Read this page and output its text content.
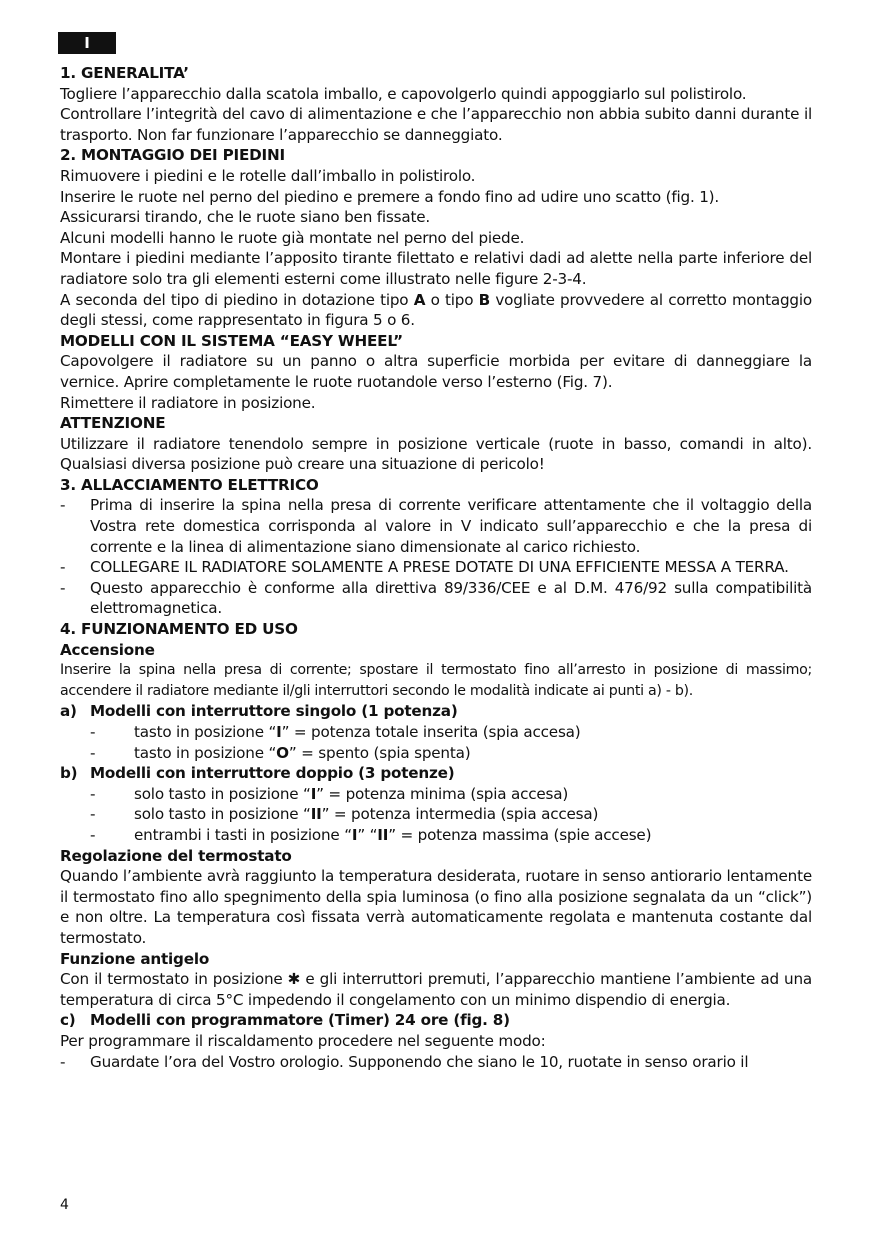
I

1. GENERALITA’

Togliere l’apparecchio dalla scatola imballo, e capovolgerlo quindi appoggiarlo sul polistirolo.

Controllare l’integrità del cavo di alimentazione e che l’apparecchio non abbia subito danni durante il trasporto. Non far funzionare l’apparecchio se danneggiato.

2. MONTAGGIO DEI PIEDINI

Rimuovere i piedini e le rotelle dall’imballo in polistirolo.

Inserire le ruote nel perno del piedino e premere a fondo fino ad udire uno scatto (fig. 1).

Assicurarsi tirando, che le ruote siano ben fissate.

Alcuni modelli hanno le ruote già montate nel perno del piede.

Montare i piedini mediante l’apposito tirante filettato e relativi dadi ad alette nella parte inferiore del radiatore solo tra gli elementi esterni come illustrato nelle figure 2-3-4.

A seconda del tipo di piedino in dotazione tipo A o tipo B vogliate provvedere al corretto montaggio degli stessi, come rappresentato in figura 5 o 6.

MODELLI CON IL SISTEMA “EASY WHEEL”

Capovolgere il radiatore su un panno o altra superficie morbida per evitare di danneggiare la vernice. Aprire completamente le ruote ruotandole verso l’esterno (Fig. 7).

Rimettere il radiatore in posizione.

ATTENZIONE

Utilizzare il radiatore tenendolo sempre in posizione verticale (ruote in basso, comandi in alto). Qualsiasi diversa posizione può creare una situazione di pericolo!

3. ALLACCIAMENTO ELETTRICO

-	Prima di inserire la spina nella presa di corrente verificare attentamente che il voltaggio della Vostra rete domestica corrisponda al valore in V indicato sull’apparecchio e che la presa di corrente e la linea di alimentazione siano dimensionate al carico richiesto.
-	COLLEGARE IL RADIATORE SOLAMENTE A PRESE DOTATE DI UNA EFFICIENTE MESSA A TERRA.
-	Questo apparecchio è conforme alla direttiva 89/336/CEE e al D.M. 476/92 sulla compatibilità elettromagnetica.

4. FUNZIONAMENTO ED USO

Accensione

Inserire la spina nella presa di corrente; spostare il termostato fino all’arresto in posizione di massimo; accendere il radiatore mediante il/gli interruttori secondo le modalità indicate ai punti a) - b).

a) Modelli con interruttore singolo (1 potenza)
-	tasto in posizione “I” = potenza totale inserita (spia accesa)
-	tasto in posizione “O” = spento (spia spenta)
b) Modelli con interruttore doppio (3 potenze)
-	solo tasto in posizione “I” = potenza minima (spia accesa)
-	solo tasto in posizione “II” = potenza intermedia (spia accesa)
-	entrambi i tasti in posizione “I” “II” = potenza massima (spie accese)

Regolazione del termostato

Quando l’ambiente avrà raggiunto la temperatura desiderata, ruotare in senso antiorario lentamente il termostato fino allo spegnimento della spia luminosa (o fino alla posizione segnalata da un “click”) e non oltre. La temperatura così fissata verrà automaticamente regolata e mantenuta costante dal termostato.

Funzione antigelo

Con il termostato in posizione ✱ e gli interruttori premuti, l’apparecchio mantiene l’ambiente ad una temperatura di circa 5°C impedendo il congelamento con un minimo dispendio di energia.

c) Modelli con programmatore (Timer) 24 ore (fig. 8)

Per programmare il riscaldamento procedere nel seguente modo:

-	Guardate l’ora del Vostro orologio. Supponendo che siano le 10, ruotate in senso orario il
4
